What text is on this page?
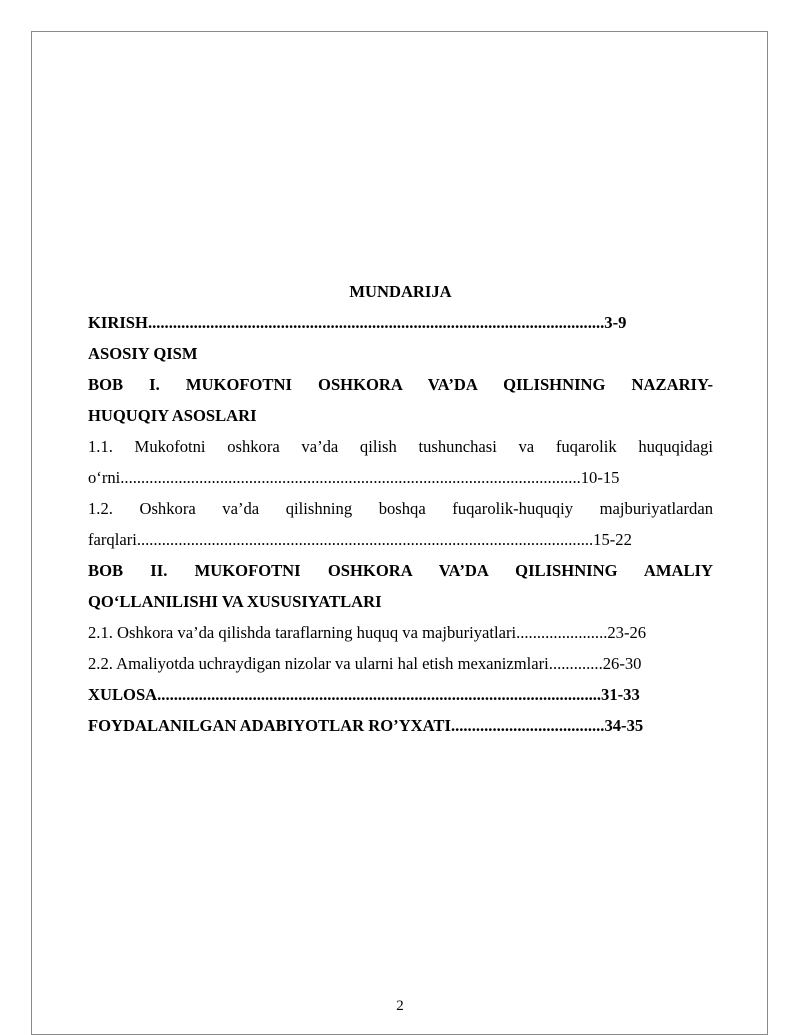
MUNDARIJA
KIRISH..............................................................................................................3-9
ASOSIY QISM
BOB I. MUKOFOTNI OSHKORA VA’DA QILISHNING NAZARIY-
HUQUQIY ASOSLARI
1.1. Mukofotni oshkora va’da qilish tushunchasi va fuqarolik huquqidagi
o‘rni...............................................................................................................10-15
1.2. Oshkora va’da qilishning boshqa fuqarolik-huquqiy majburiyatlardan
farqlari..............................................................................................................15-22
BOB II. MUKOFOTNI OSHKORA VA’DA QILISHNING AMALIY
QO‘LLANILISHI VA XUSUSIYATLARI
2.1. Oshkora va’da qilishda taraflarning huquq va majburiyatlari......................23-26
2.2. Amaliyotda uchraydigan nizolar va ularni hal etish mexanizmlari.............26-30
XULOSA...........................................................................................................31-33
FOYDALANILGAN ADABIYOTLAR RO’YXATI.....................................34-35
2
